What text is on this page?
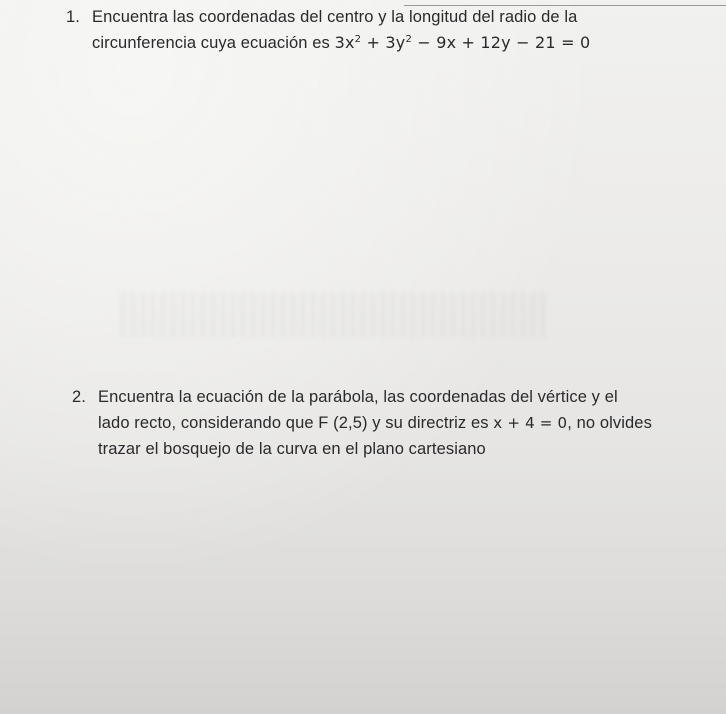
1. Encuentra las coordenadas del centro y la longitud del radio de la
circunferencia cuya ecuación es $3x^2 + 3y^2 - 9x + 12y - 21 = 0$
2. Encuentra la ecuación de la parábola, las coordenadas del vértice y el
lado recto, considerando que F (2,5) y su directriz es x + 4 = 0, no olvides
trazar el bosquejo de la curva en el plano cartesiano
